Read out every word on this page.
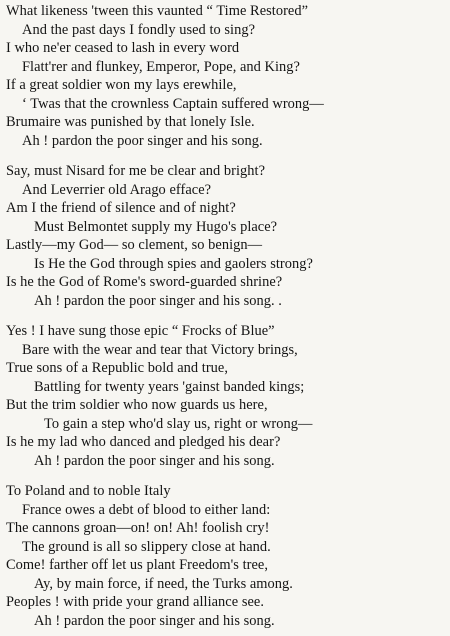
What likeness 'tween this vaunted “ Time Restored”
And the past days I fondly used to sing?
I who ne'er ceased to lash in every word
Flatt'rer and flunkey, Emperor, Pope, and King?
If a great soldier won my lays erewhile,
‘ Twas that the crownless Captain suffered wrong—
Brumaire was punished by that lonely Isle.
Ah ! pardon the poor singer and his song.
Say, must Nisard for me be clear and bright?
And Leverrier old Arago efface?
Am I the friend of silence and of night?
Must Belmontet supply my Hugo's place?
Lastly—my God— so clement, so benign—
Is He the God through spies and gaolers strong?
Is he the God of Rome's sword-guarded shrine?
Ah ! pardon the poor singer and his song. .
Yes ! I have sung those epic “ Frocks of Blue”
Bare with the wear and tear that Victory brings,
True sons of a Republic bold and true,
Battling for twenty years 'gainst banded kings;
But the trim soldier who now guards us here,
To gain a step who'd slay us, right or wrong—
Is he my lad who danced and pledged his dear?
Ah ! pardon the poor singer and his song.
To Poland and to noble Italy
France owes a debt of blood to either land:
The cannons groan—on! on! Ah! foolish cry!
The ground is all so slippery close at hand.
Come! farther off let us plant Freedom's tree,
Ay, by main force, if need, the Turks among.
Peoples ! with pride your grand alliance see.
Ah ! pardon the poor singer and his song.
